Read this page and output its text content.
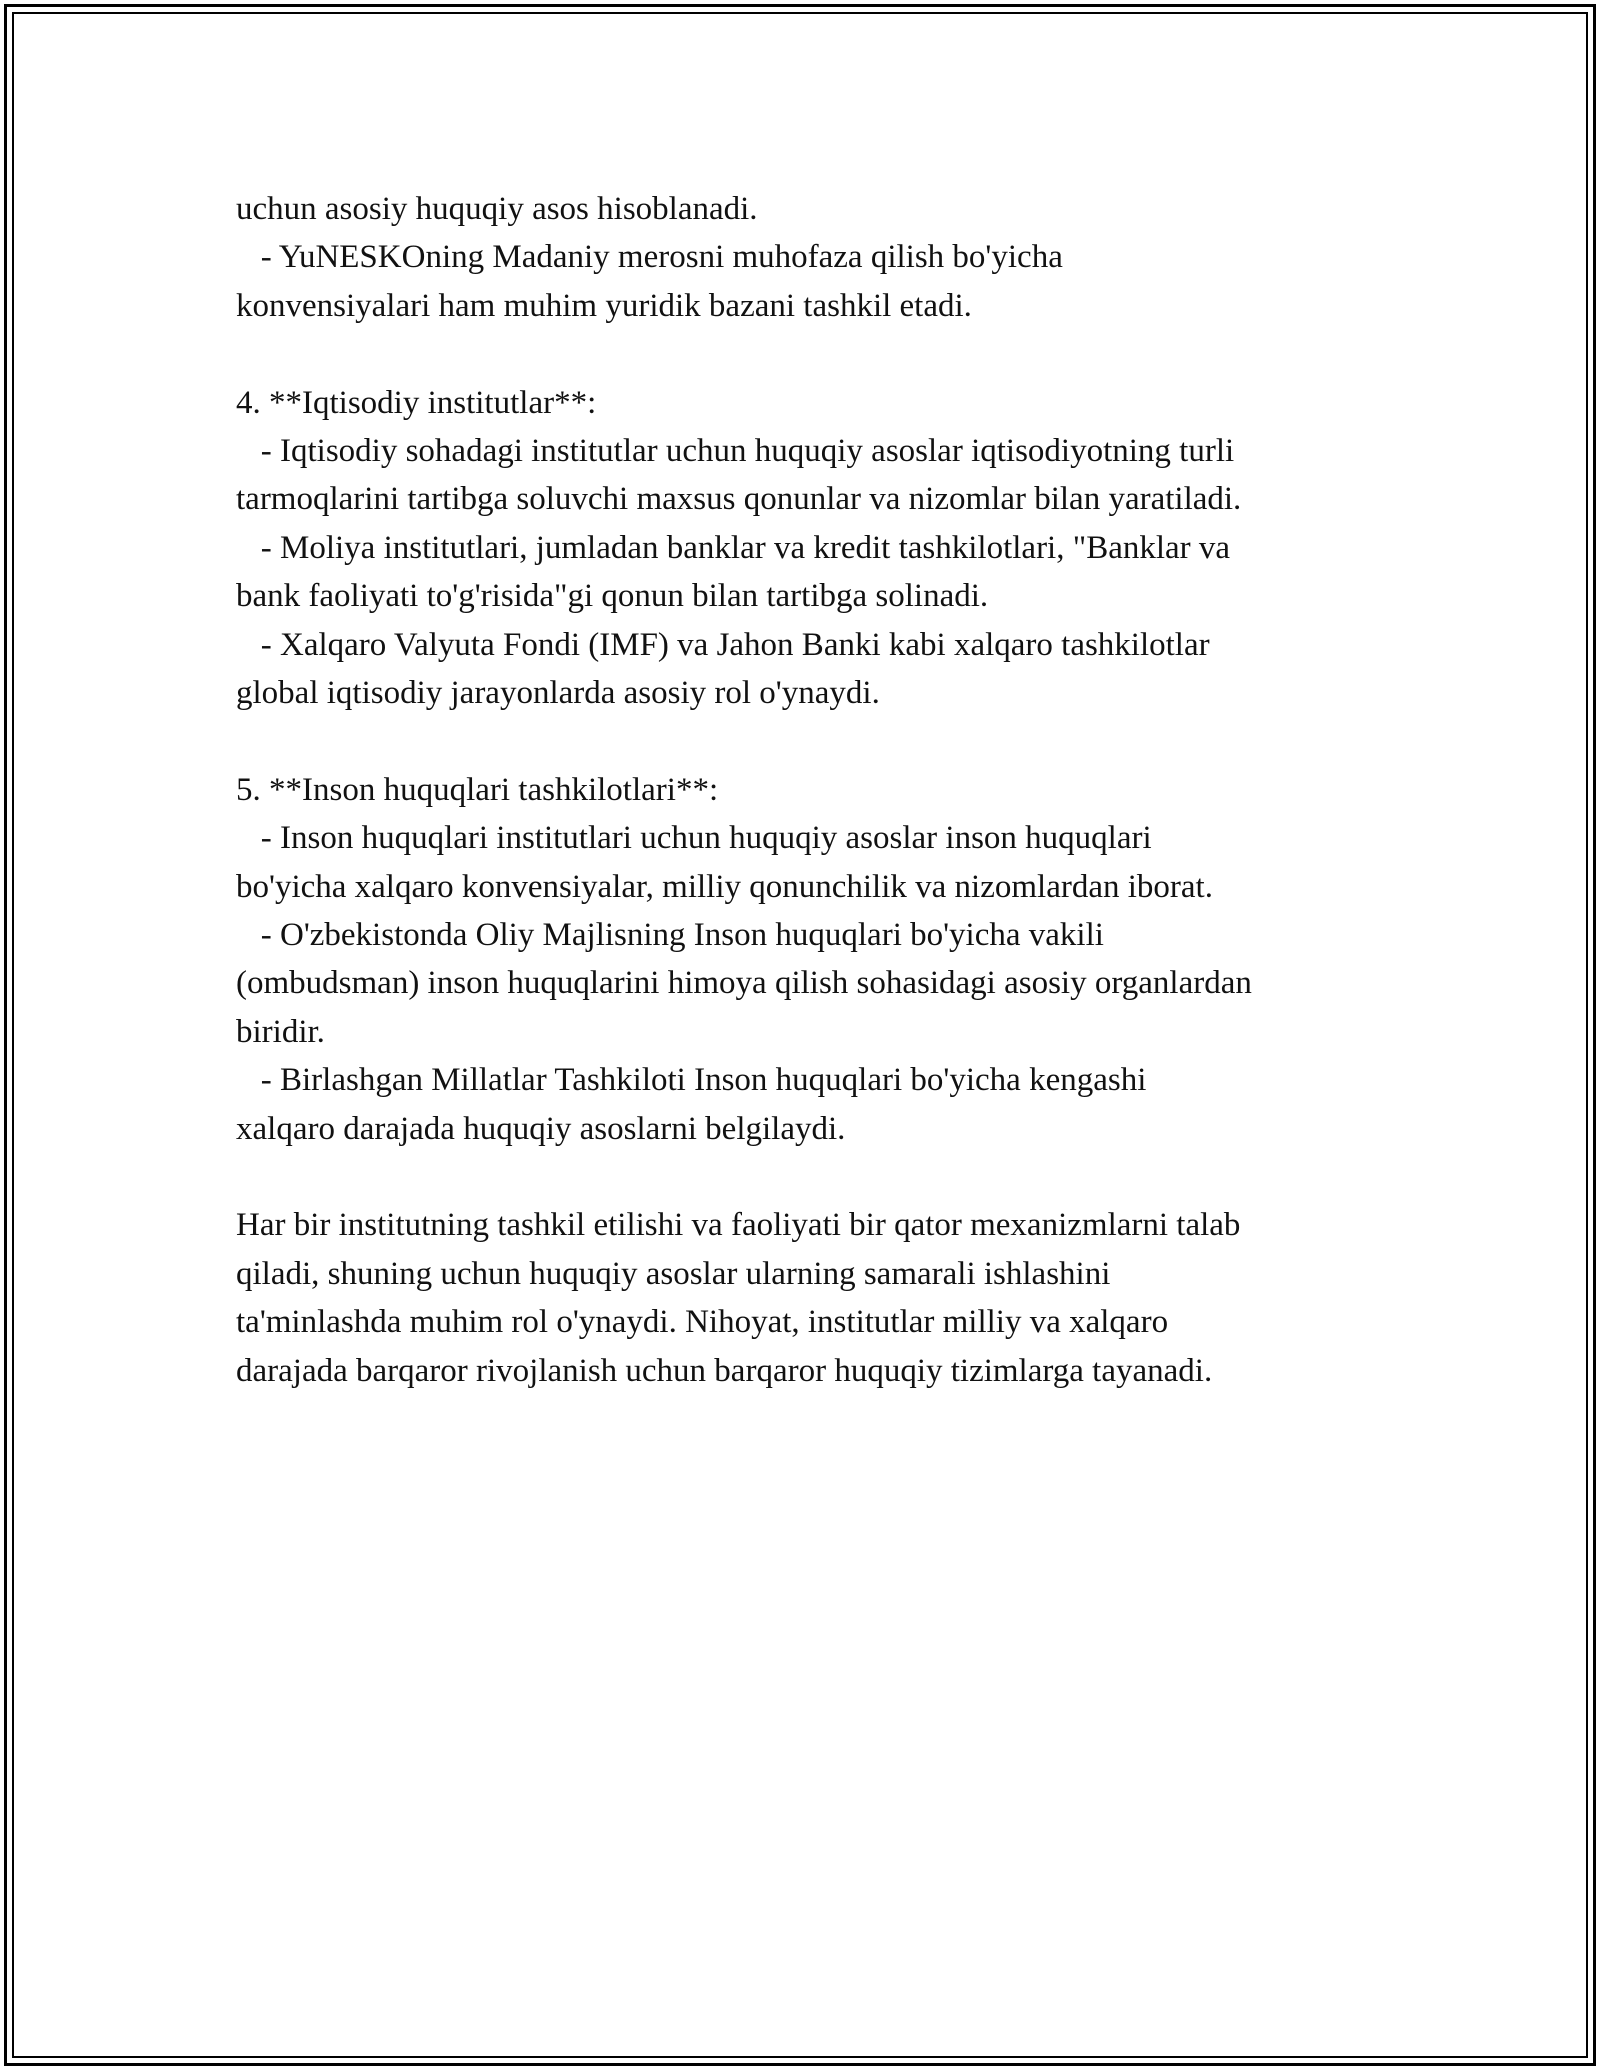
uchun asosiy huquqiy asos hisoblanadi.
- YuNESKOning Madaniy merosni muhofaza qilish bo'yicha
konvensiyalari ham muhim yuridik bazani tashkil etadi.
4. **Iqtisodiy institutlar**:
- Iqtisodiy sohadagi institutlar uchun huquqiy asoslar iqtisodiyotning turli
tarmoqlarini tartibga soluvchi maxsus qonunlar va nizomlar bilan yaratiladi.
- Moliya institutlari, jumladan banklar va kredit tashkilotlari, "Banklar va
bank faoliyati to'g'risida"gi qonun bilan tartibga solinadi.
- Xalqaro Valyuta Fondi (IMF) va Jahon Banki kabi xalqaro tashkilotlar
global iqtisodiy jarayonlarda asosiy rol o'ynaydi.
5. **Inson huquqlari tashkilotlari**:
- Inson huquqlari institutlari uchun huquqiy asoslar inson huquqlari
bo'yicha xalqaro konvensiyalar, milliy qonunchilik va nizomlardan iborat.
- O'zbekistonda Oliy Majlisning Inson huquqlari bo'yicha vakili
(ombudsman) inson huquqlarini himoya qilish sohasidagi asosiy organlardan
biridir.
- Birlashgan Millatlar Tashkiloti Inson huquqlari bo'yicha kengashi
xalqaro darajada huquqiy asoslarni belgilaydi.
Har bir institutning tashkil etilishi va faoliyati bir qator mexanizmlarni talab
qiladi, shuning uchun huquqiy asoslar ularning samarali ishlashini
ta'minlashda muhim rol o'ynaydi. Nihoyat, institutlar milliy va xalqaro
darajada barqaror rivojlanish uchun barqaror huquqiy tizimlarga tayanadi.
